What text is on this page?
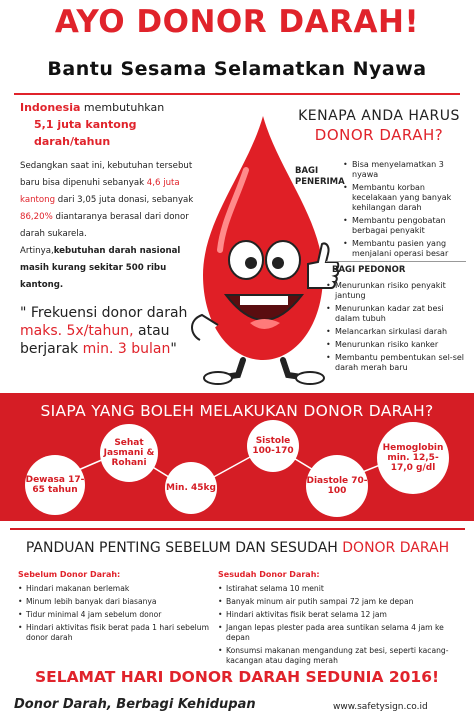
AYO DONOR DARAH!
Bantu Sesama Selamatkan Nyawa
Indonesia membutuhkan
5,1 juta kantong darah/tahun

Sedangkan saat ini, kebutuhan tersebut baru bisa dipenuhi sebanyak 4,6 juta kantong dari 3,05 juta donasi, sebanyak 86,20% diantaranya berasal dari donor darah sukarela.

Artinya,kebutuhan darah nasional masih kurang sekitar 500 ribu kantong.

" Frekuensi donor darah maks. 5x/tahun, atau berjarak min. 3 bulan"
KENAPA ANDA HARUS
DONOR DARAH?
BAGI PENERIMA
• Bisa menyelamatkan 3 nyawa
• Membantu korban kecelakaan yang banyak kehilangan darah
• Membantu pengobatan berbagai penyakit
• Membantu pasien yang menjalani operasi besar
BAGI PEDONOR
• Menurunkan risiko penyakit jantung
• Menurunkan kadar zat besi dalam tubuh
• Melancarkan sirkulasi darah
• Menurunkan risiko kanker
• Membantu pembentukan sel-sel darah merah baru
SIAPA YANG BOLEH MELAKUKAN DONOR DARAH?
Dewasa 17-65 tahun
Sehat Jasmani & Rohani
Min. 45kg
Sistole 100-170
Diastole 70-100
Hemoglobin min. 12,5-17,0 g/dl
PANDUAN PENTING SEBELUM DAN SESUDAH DONOR DARAH
Sebelum Donor Darah:
• Hindari makanan berlemak
• Minum lebih banyak dari biasanya
• Tidur minimal 4 jam sebelum donor
• Hindari aktivitas fisik berat pada 1 hari sebelum donor darah
Sesudah Donor Darah:
• Istirahat selama 10 menit
• Banyak minum air putih sampai 72 jam ke depan
• Hindari aktivitas fisik berat selama 12 jam
• Jangan lepas plester pada area suntikan selama 4 jam ke depan
• Konsumsi makanan mengandung zat besi, seperti kacang-kacangan atau daging merah
SELAMAT HARI DONOR DARAH SEDUNIA 2016!
Donor Darah, Berbagi Kehidupan	www.safetysign.co.id
